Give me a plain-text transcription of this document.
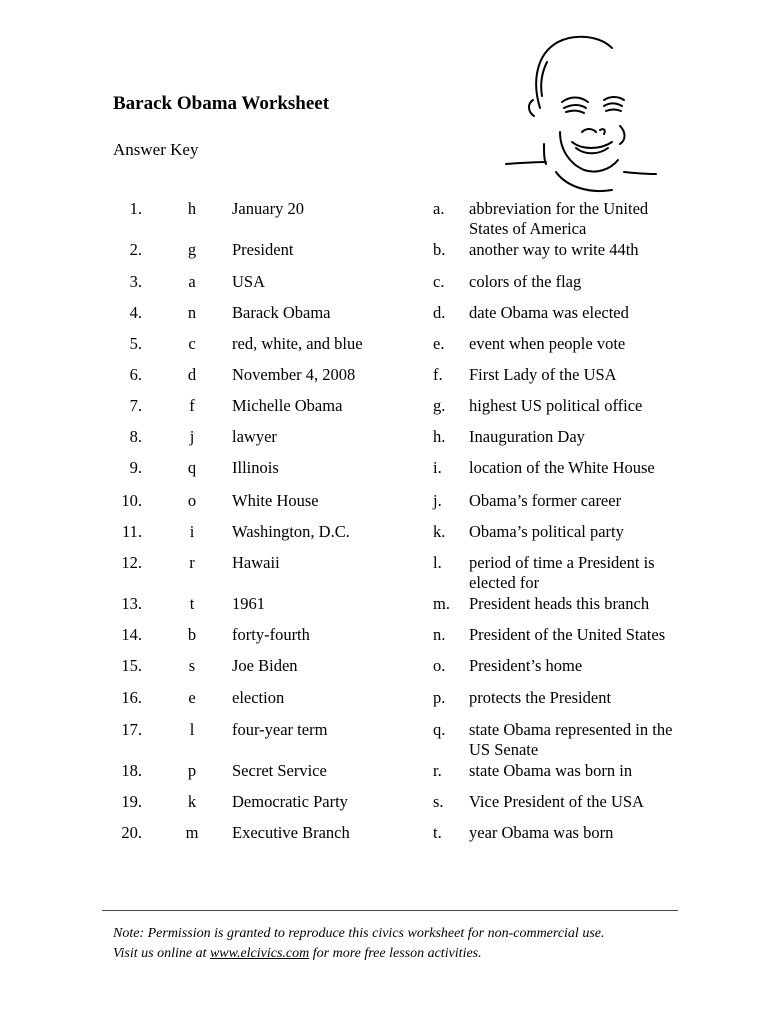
Barack Obama Worksheet
Answer Key
1.	h	January 20	a.	abbreviation for the United States of America
2.	g	President	b.	another way to write 44th
3.	a	USA	c.	colors of the flag
4.	n	Barack Obama	d.	date Obama was elected
5.	c	red, white, and blue	e.	event when people vote
6.	d	November 4, 2008	f.	First Lady of the USA
7.	f	Michelle Obama	g.	highest US political office
8.	j	lawyer	h.	Inauguration Day
9.	q	Illinois	i.	location of the White House
10.	o	White House	j.	Obama’s former career
11.	i	Washington, D.C.	k.	Obama’s political party
12.	r	Hawaii	l.	period of time a President is elected for
13.	t	1961	m.	President heads this branch
14.	b	forty-fourth	n.	President of the United States
15.	s	Joe Biden	o.	President’s home
16.	e	election	p.	protects the President
17.	l	four-year term	q.	state Obama represented in the US Senate
18.	p	Secret Service	r.	state Obama was born in
19.	k	Democratic Party	s.	Vice President of the USA
20.	m	Executive Branch	t.	year Obama was born
Note: Permission is granted to reproduce this civics worksheet for non-commercial use.
Visit us online at www.elcivics.com for more free lesson activities.
